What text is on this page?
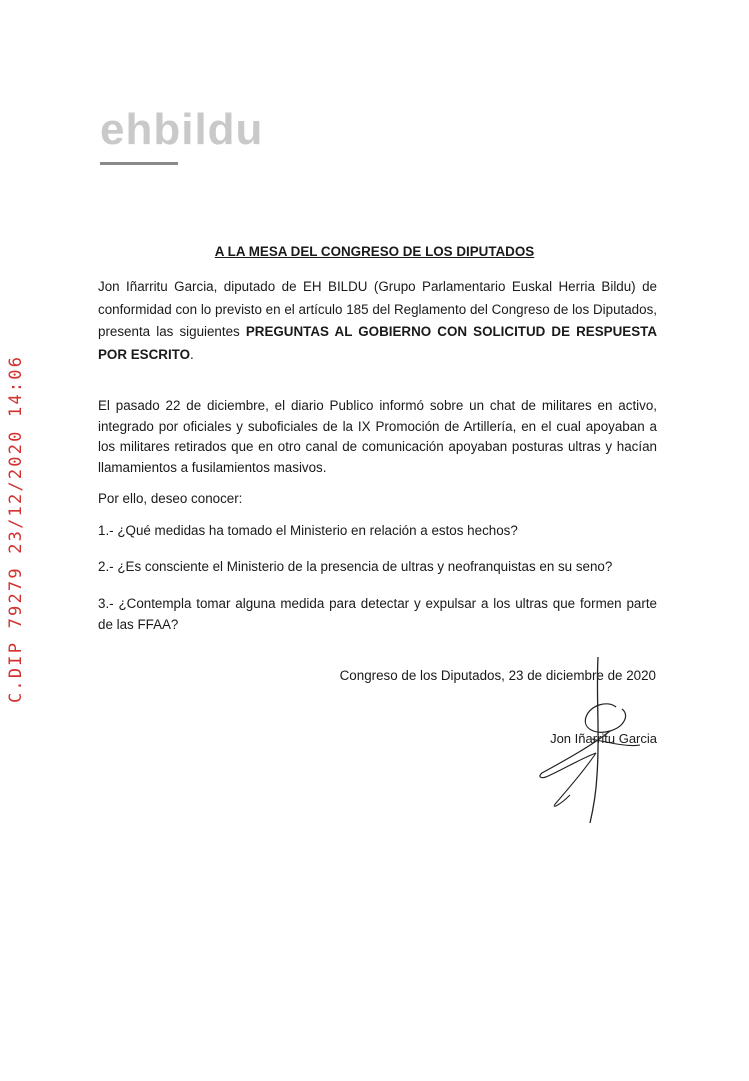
ehbildu
C.DIP 79279 23/12/2020 14:06
A LA MESA DEL CONGRESO DE LOS DIPUTADOS
Jon Iñarritu Garcia, diputado de EH BILDU (Grupo Parlamentario Euskal Herria Bildu) de conformidad con lo previsto en el artículo 185 del Reglamento del Congreso de los Diputados, presenta las siguientes PREGUNTAS AL GOBIERNO CON SOLICITUD DE RESPUESTA POR ESCRITO.
El pasado 22 de diciembre, el diario Publico informó sobre un chat de militares en activo, integrado por oficiales y suboficiales de la IX Promoción de Artillería, en el cual apoyaban a los militares retirados que en otro canal de comunicación apoyaban posturas ultras y hacían llamamientos a fusilamientos masivos.
Por ello, deseo conocer:
1.- ¿Qué medidas ha tomado el Ministerio en relación a estos hechos?
2.- ¿Es consciente el Ministerio de la presencia de ultras y neofranquistas en su seno?
3.- ¿Contempla tomar alguna medida para detectar y expulsar a los ultras que formen parte de las FFAA?
Congreso de los Diputados, 23 de diciembre de 2020
Jon Iñarritu Garcia
